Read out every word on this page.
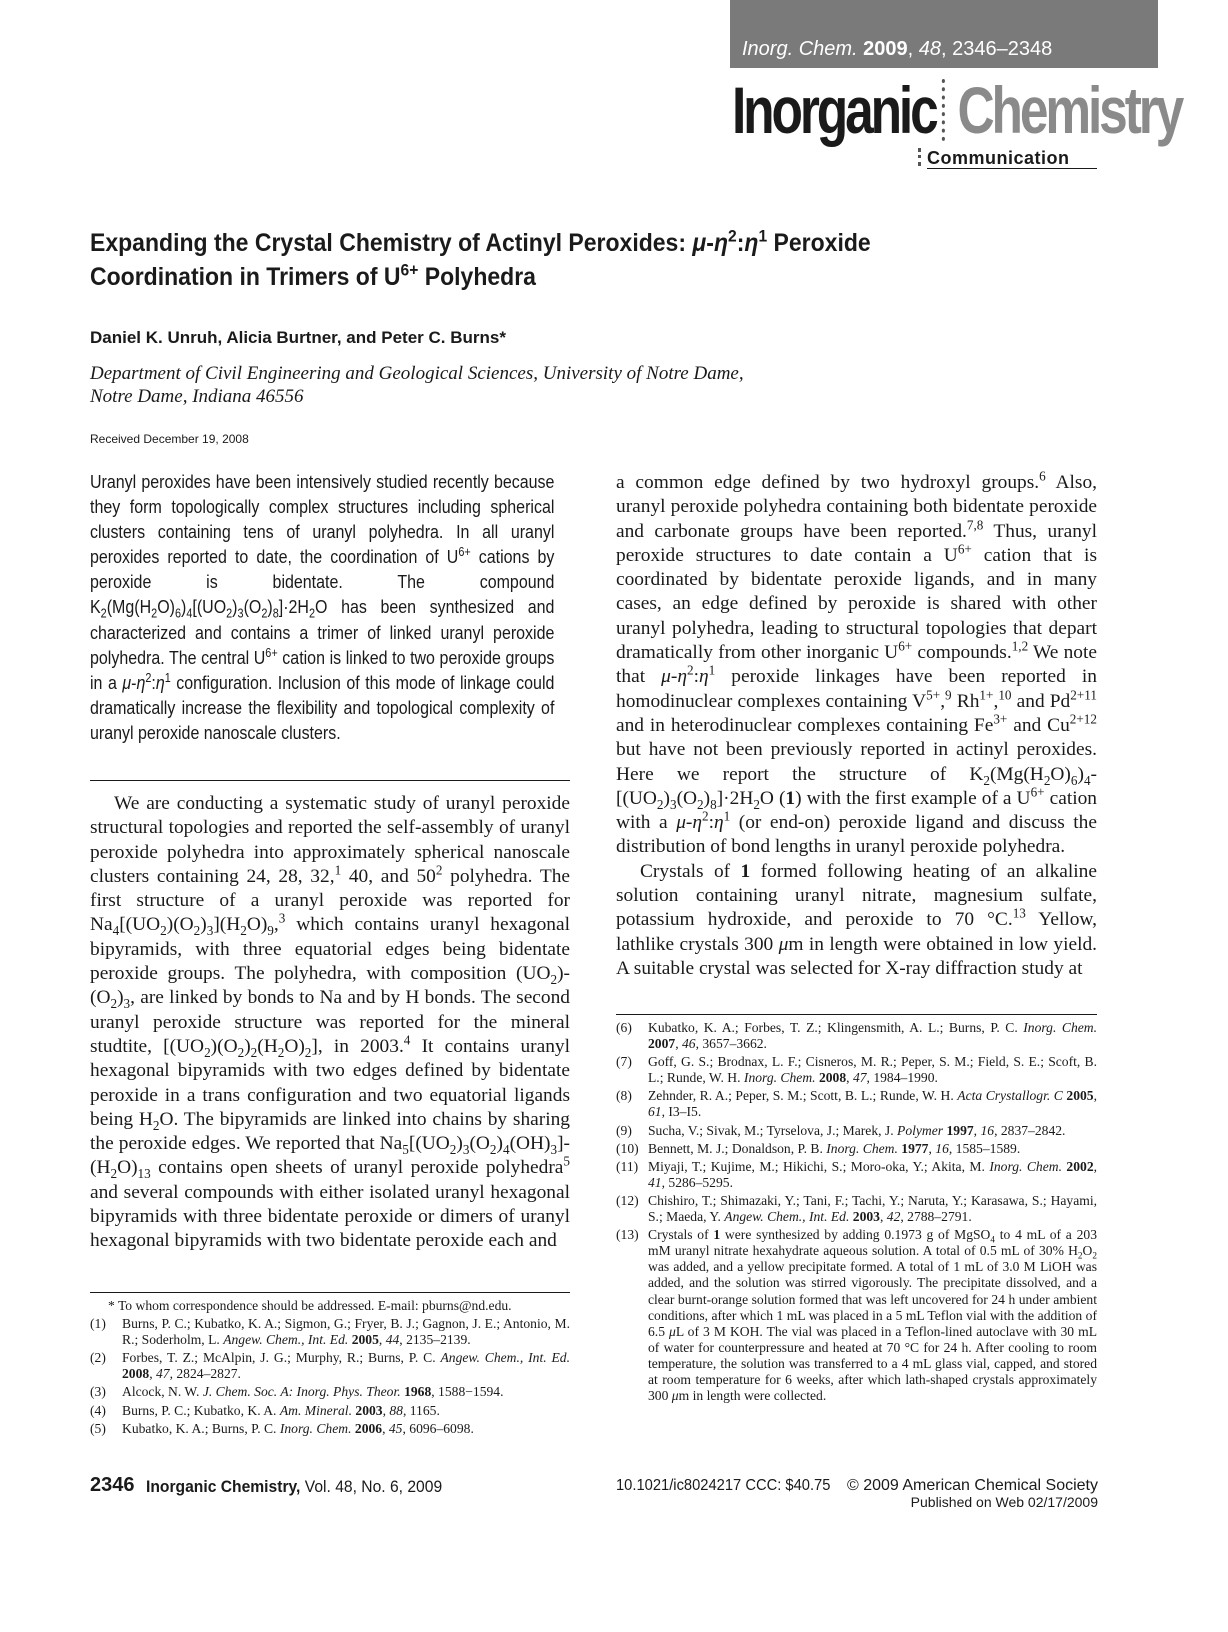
Inorg. Chem. 2009, 48, 2346–2348
Inorganic Chemistry
Communication
Expanding the Crystal Chemistry of Actinyl Peroxides: $\mu-\eta^2:\eta^1$ Peroxide Coordination in Trimers of $U^{6+}$ Polyhedra
Daniel K. Unruh, Alicia Burtner, and Peter C. Burns*
Department of Civil Engineering and Geological Sciences, University of Notre Dame,
Notre Dame, Indiana 46556
Received December 19, 2008
Uranyl peroxides have been intensively studied recently because they form topologically complex structures including spherical clusters containing tens of uranyl polyhedra. In all uranyl peroxides reported to date, the coordination of $U^{6+}$ cations by peroxide is bidentate. The compound $K_2(Mg(H_2O)_6)_4[(UO_2)_3(O_2)_8]\cdot 2H_2O$ has been synthesized and characterized and contains a trimer of linked uranyl peroxide polyhedra. The central $U^{6+}$ cation is linked to two peroxide groups in a $\mu-\eta^2:\eta^1$ configuration. Inclusion of this mode of linkage could dramatically increase the flexibility and topological complexity of uranyl peroxide nanoscale clusters.

We are conducting a systematic study of uranyl peroxide structural topologies and reported the self-assembly of uranyl peroxide polyhedra into approximately spherical nanoscale clusters containing 24, 28, 32,$^1$ 40, and $50^2$ polyhedra. The first structure of a uranyl peroxide was reported for $Na_4[(UO_2)(O_2)_3](H_2O)_9,^3$ which contains uranyl hexagonal bipyramids, with three equatorial edges being bidentate peroxide groups. The polyhedra, with composition $(UO_2)-(O_2)_3$, are linked by bonds to Na and by H bonds. The second uranyl peroxide structure was reported for the mineral studtite, $[(UO_2)(O_2)_2(H_2O)_2]$, in 2003.$^4$ It contains uranyl hexagonal bipyramids with two edges defined by bidentate peroxide in a trans configuration and two equatorial ligands being $H_2O$. The bipyramids are linked into chains by sharing the peroxide edges. We reported that $Na_5[(UO_2)_3(O_2)_4(OH)_3]-(H_2O)_{13}$ contains open sheets of uranyl peroxide polyhedra$^5$ and several compounds with either isolated uranyl hexagonal bipyramids with three bidentate peroxide or dimers of uranyl hexagonal bipyramids with two bidentate peroxide each and

a common edge defined by two hydroxyl groups.$^6$ Also, uranyl peroxide polyhedra containing both bidentate peroxide and carbonate groups have been reported.$^{7,8}$ Thus, uranyl peroxide structures to date contain a $U^{6+}$ cation that is coordinated by bidentate peroxide ligands, and in many cases, an edge defined by peroxide is shared with other uranyl polyhedra, leading to structural topologies that depart dramatically from other inorganic $U^{6+}$ compounds.$^{1,2}$ We note that $\mu-\eta^2:\eta^1$ peroxide linkages have been reported in homodinuclear complexes containing $V^{5+},^9$ $Rh^{1+},^{10}$ and $Pd^{2+11}$ and in heterodinuclear complexes containing $Fe^{3+}$ and $Cu^{2+12}$ but have not been previously reported in actinyl peroxides. Here we report the structure of $K_2(Mg(H_2O)_6)_4-[(UO_2)_3(O_2)_8]\cdot 2H_2O$ (1) with the first example of a $U^{6+}$ cation with a $\mu-\eta^2:\eta^1$ (or end-on) peroxide ligand and discuss the distribution of bond lengths in uranyl peroxide polyhedra.

Crystals of 1 formed following heating of an alkaline solution containing uranyl nitrate, magnesium sulfate, potassium hydroxide, and peroxide to 70 °C.$^{13}$ Yellow, lathlike crystals 300 μm in length were obtained in low yield. A suitable crystal was selected for X-ray diffraction study at

* To whom correspondence should be addressed. E-mail: pburns@nd.edu.
(1) Burns, P. C.; Kubatko, K. A.; Sigmon, G.; Fryer, B. J.; Gagnon, J. E.; Antonio, M. R.; Soderholm, L. Angew. Chem., Int. Ed. 2005, 44, 2135–2139.
(2) Forbes, T. Z.; McAlpin, J. G.; Murphy, R.; Burns, P. C. Angew. Chem., Int. Ed. 2008, 47, 2824–2827.
(3) Alcock, N. W. J. Chem. Soc. A: Inorg. Phys. Theor. 1968, 1588−1594.
(4) Burns, P. C.; Kubatko, K. A. Am. Mineral. 2003, 88, 1165.
(5) Kubatko, K. A.; Burns, P. C. Inorg. Chem. 2006, 45, 6096–6098.
(6) Kubatko, K. A.; Forbes, T. Z.; Klingensmith, A. L.; Burns, P. C. Inorg. Chem. 2007, 46, 3657–3662.
(7) Goff, G. S.; Brodnax, L. F.; Cisneros, M. R.; Peper, S. M.; Field, S. E.; Scoft, B. L.; Runde, W. H. Inorg. Chem. 2008, 47, 1984–1990.
(8) Zehnder, R. A.; Peper, S. M.; Scott, B. L.; Runde, W. H. Acta Crystallogr. C 2005, 61, I3–I5.
(9) Sucha, V.; Sivak, M.; Tyrselova, J.; Marek, J. Polymer 1997, 16, 2837–2842.
(10) Bennett, M. J.; Donaldson, P. B. Inorg. Chem. 1977, 16, 1585–1589.
(11) Miyaji, T.; Kujime, M.; Hikichi, S.; Moro-oka, Y.; Akita, M. Inorg. Chem. 2002, 41, 5286–5295.
(12) Chishiro, T.; Shimazaki, Y.; Tani, F.; Tachi, Y.; Naruta, Y.; Karasawa, S.; Hayami, S.; Maeda, Y. Angew. Chem., Int. Ed. 2003, 42, 2788–2791.
(13) Crystals of 1 were synthesized by adding 0.1973 g of MgSO$_4$ to 4 mL of a 203 mM uranyl nitrate hexahydrate aqueous solution. A total of 0.5 mL of 30% $H_2O_2$ was added, and a yellow precipitate formed. A total of 1 mL of 3.0 M LiOH was added, and the solution was stirred vigorously. The precipitate dissolved, and a clear burnt-orange solution formed that was left uncovered for 24 h under ambient conditions, after which 1 mL was placed in a 5 mL Teflon vial with the addition of 6.5 μL of 3 M KOH. The vial was placed in a Teflon-lined autoclave with 30 mL of water for counterpressure and heated at 70 °C for 24 h. After cooling to room temperature, the solution was transferred to a 4 mL glass vial, capped, and stored at room temperature for 6 weeks, after which lath-shaped crystals approximately 300 μm in length were collected.
2346 Inorganic Chemistry, Vol. 48, No. 6, 2009	10.1021/ic8024217 CCC: $40.75	© 2009 American Chemical Society
Published on Web 02/17/2009
